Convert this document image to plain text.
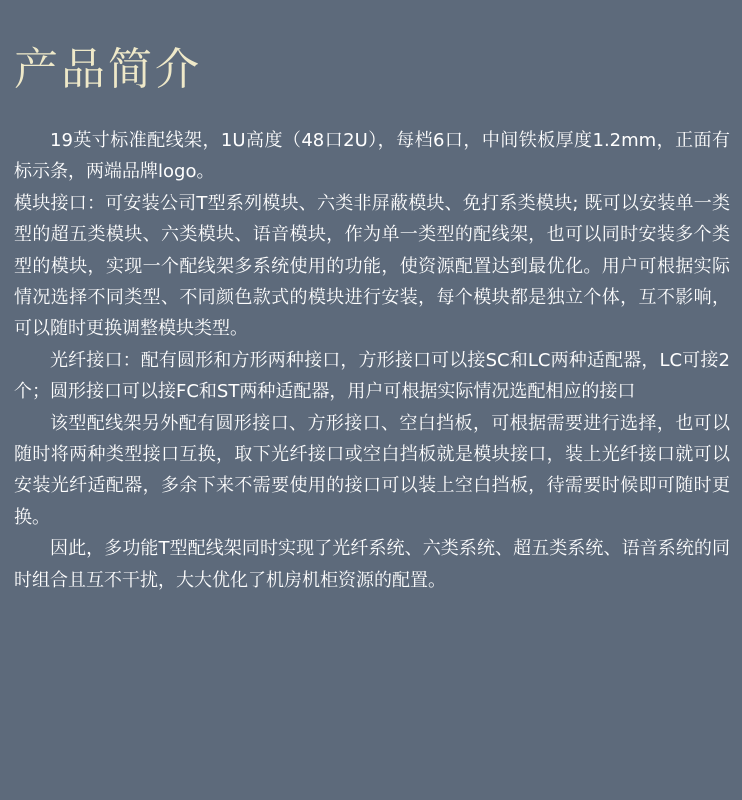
产品简介

19英寸标准配线架，1U高度（48口2U），每档6口，中间铁板厚度1.2mm，正面有标示条，两端品牌logo。

模块接口：可安装公司T型系列模块、六类非屏蔽模块、免打系类模块; 既可以安装单一类型的超五类模块、六类模块、语音模块，作为单一类型的配线架，也可以同时安装多个类型的模块，实现一个配线架多系统使用的功能，使资源配置达到最优化。用户可根据实际情况选择不同类型、不同颜色款式的模块进行安装，每个模块都是独立个体，互不影响，可以随时更换调整模块类型。

光纤接口：配有圆形和方形两种接口，方形接口可以接SC和LC两种适配器，LC可接2个；圆形接口可以接FC和ST两种适配器，用户可根据实际情况选配相应的接口

该型配线架另外配有圆形接口、方形接口、空白挡板，可根据需要进行选择，也可以随时将两种类型接口互换，取下光纤接口或空白挡板就是模块接口，装上光纤接口就可以安装光纤适配器，多余下来不需要使用的接口可以装上空白挡板，待需要时候即可随时更换。

因此，多功能T型配线架同时实现了光纤系统、六类系统、超五类系统、语音系统的同时组合且互不干扰，大大优化了机房机柜资源的配置。
